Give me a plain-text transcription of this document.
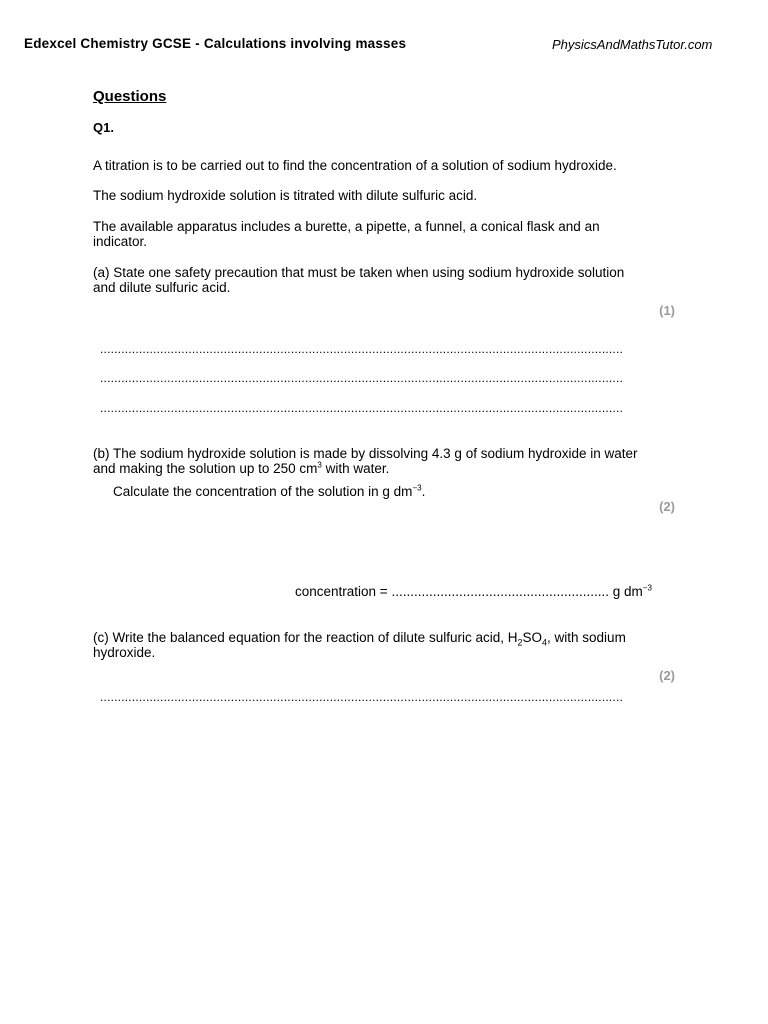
Edexcel Chemistry GCSE - Calculations involving masses	PhysicsAndMathsTutor.com
Questions
Q1.
A titration is to be carried out to find the concentration of a solution of sodium hydroxide.
The sodium hydroxide solution is titrated with dilute sulfuric acid.
The available apparatus includes a burette, a pipette, a funnel, a conical flask and an
indicator.
(a) State one safety precaution that must be taken when using sodium hydroxide solution
and dilute sulfuric acid.
(1)
....................................................................................................................................................
....................................................................................................................................................
....................................................................................................................................................
(b) The sodium hydroxide solution is made by dissolving 4.3 g of sodium hydroxide in water
and making the solution up to 250 $cm^3$ with water.
Calculate the concentration of the solution in g $dm^{-3}$.
(2)
concentration = .......................................................... g $dm^{-3}$
(c) Write the balanced equation for the reaction of dilute sulfuric acid, $H_2SO_4$, with sodium
hydroxide.
(2)
....................................................................................................................................................
